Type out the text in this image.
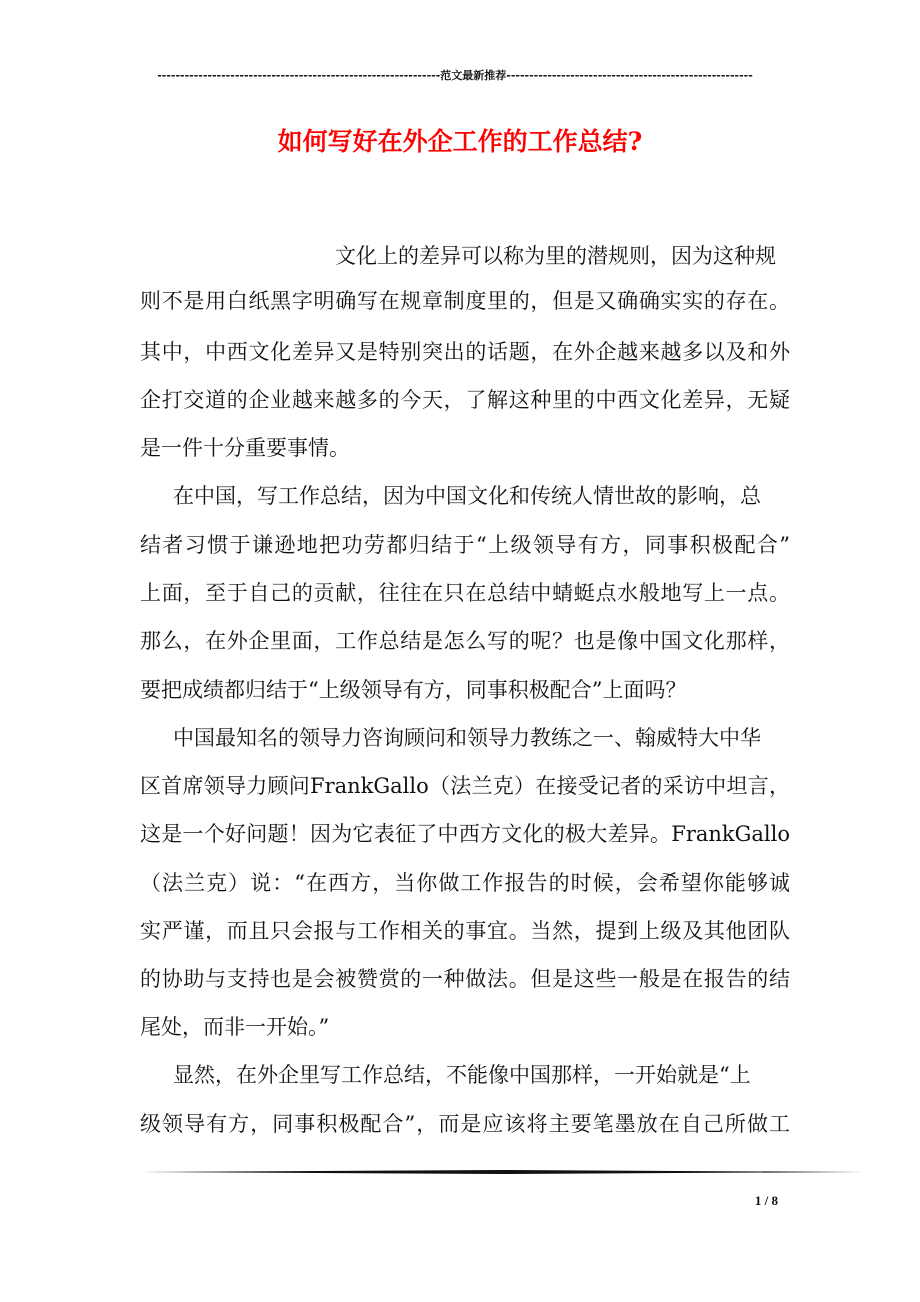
--------------------------------------------------------------范文最新推荐------------------------------------------------------
如何写好在外企工作的工作总结?
文化上的差异可以称为里的潜规则，因为这种规
则不是用白纸黑字明确写在规章制度里的，但是又确确实实的存在。
其中，中西文化差异又是特别突出的话题，在外企越来越多以及和外
企打交道的企业越来越多的今天，了解这种里的中西文化差异，无疑
是一件十分重要事情。
在中国，写工作总结，因为中国文化和传统人情世故的影响，总
结者习惯于谦逊地把功劳都归结于“上级领导有方，同事积极配合”
上面，至于自己的贡献，往往在只在总结中蜻蜓点水般地写上一点。
那么，在外企里面，工作总结是怎么写的呢？也是像中国文化那样，
要把成绩都归结于“上级领导有方，同事积极配合”上面吗？
中国最知名的领导力咨询顾问和领导力教练之一、翰威特大中华
区首席领导力顾问FrankGallo（法兰克）在接受记者的采访中坦言，
这是一个好问题！因为它表征了中西方文化的极大差异。FrankGallo
（法兰克）说：“在西方，当你做工作报告的时候，会希望你能够诚
实严谨，而且只会报与工作相关的事宜。当然，提到上级及其他团队
的协助与支持也是会被赞赏的一种做法。但是这些一般是在报告的结
尾处，而非一开始。”
显然，在外企里写工作总结，不能像中国那样，一开始就是“上
级领导有方，同事积极配合”，而是应该将主要笔墨放在自己所做工
1 / 8
